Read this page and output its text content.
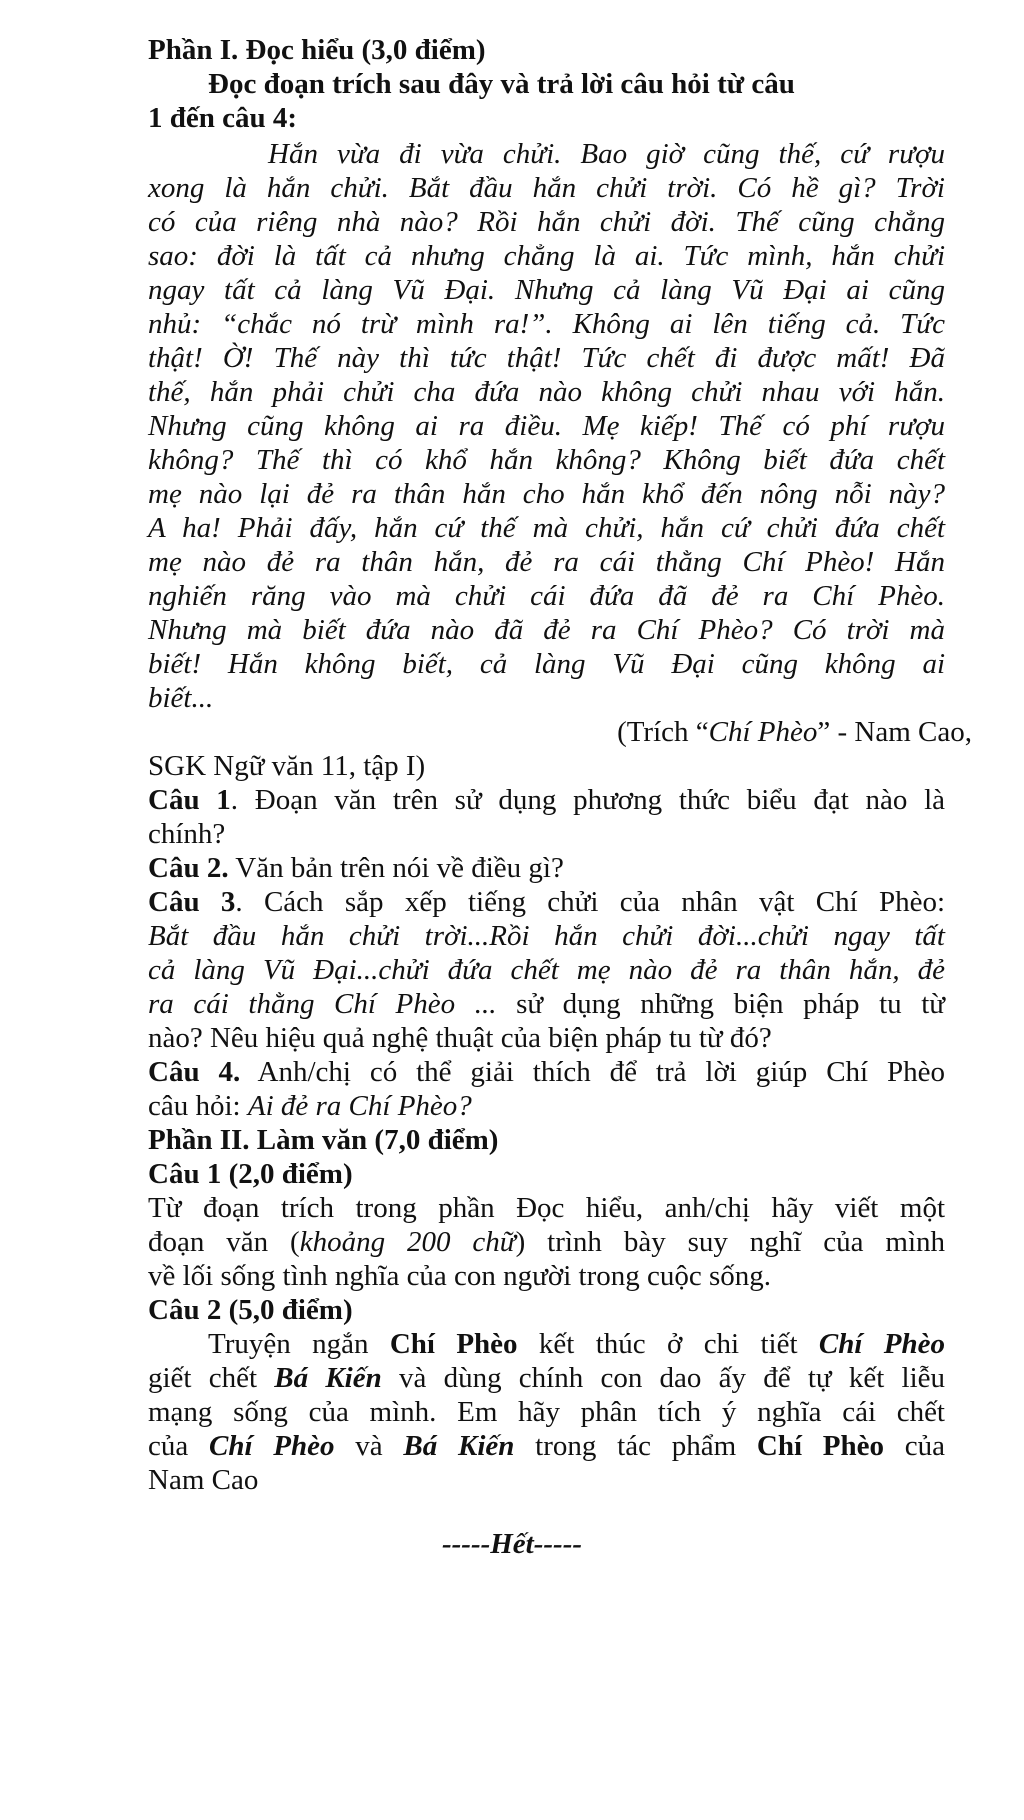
Phần I. Đọc hiểu (3,0 điểm)
Đọc đoạn trích sau đây và trả lời câu hỏi từ câu
1 đến câu 4:
Hắn vừa đi vừa chửi. Bao giờ cũng thế, cứ rượu
xong là hắn chửi. Bắt đầu hắn chửi trời. Có hề gì? Trời
có của riêng nhà nào? Rồi hắn chửi đời. Thế cũng chẳng
sao: đời là tất cả nhưng chẳng là ai. Tức mình, hắn chửi
ngay tất cả làng Vũ Đại. Nhưng cả làng Vũ Đại ai cũng
nhủ: “chắc nó trừ mình ra!”. Không ai lên tiếng cả. Tức
thật! Ờ! Thế này thì tức thật! Tức chết đi được mất! Đã
thế, hắn phải chửi cha đứa nào không chửi nhau với hắn.
Nhưng cũng không ai ra điều. Mẹ kiếp! Thế có phí rượu
không? Thế thì có khổ hắn không? Không biết đứa chết
mẹ nào lại đẻ ra thân hắn cho hắn khổ đến nông nỗi này?
A ha! Phải đấy, hắn cứ thế mà chửi, hắn cứ chửi đứa chết
mẹ nào đẻ ra thân hắn, đẻ ra cái thằng Chí Phèo! Hắn
nghiến răng vào mà chửi cái đứa đã đẻ ra Chí Phèo.
Nhưng mà biết đứa nào đã đẻ ra Chí Phèo? Có trời mà
biết! Hắn không biết, cả làng Vũ Đại cũng không ai
biết...
(Trích “Chí Phèo” - Nam Cao,
SGK Ngữ văn 11, tập I)
Câu 1. Đoạn văn trên sử dụng phương thức biểu đạt nào là
chính?
Câu 2. Văn bản trên nói về điều gì?
Câu 3. Cách sắp xếp tiếng chửi của nhân vật Chí Phèo:
Bắt đầu hắn chửi trời...Rồi hắn chửi đời...chửi ngay tất
cả làng Vũ Đại...chửi đứa chết mẹ nào đẻ ra thân hắn, đẻ
ra cái thằng Chí Phèo ... sử dụng những biện pháp tu từ
nào? Nêu hiệu quả nghệ thuật của biện pháp tu từ đó?
Câu 4. Anh/chị có thể giải thích để trả lời giúp Chí Phèo
câu hỏi: Ai đẻ ra Chí Phèo?
Phần II. Làm văn (7,0 điểm)
Câu 1 (2,0 điểm)
Từ đoạn trích trong phần Đọc hiểu, anh/chị hãy viết một
đoạn văn (khoảng 200 chữ) trình bày suy nghĩ của mình
về lối sống tình nghĩa của con người trong cuộc sống.
Câu 2 (5,0 điểm)
Truyện ngắn Chí Phèo kết thúc ở chi tiết Chí Phèo
giết chết Bá Kiến và dùng chính con dao ấy để tự kết liễu
mạng sống của mình. Em hãy phân tích ý nghĩa cái chết
của Chí Phèo và Bá Kiến trong tác phẩm Chí Phèo của
Nam Cao
-----Hết-----
